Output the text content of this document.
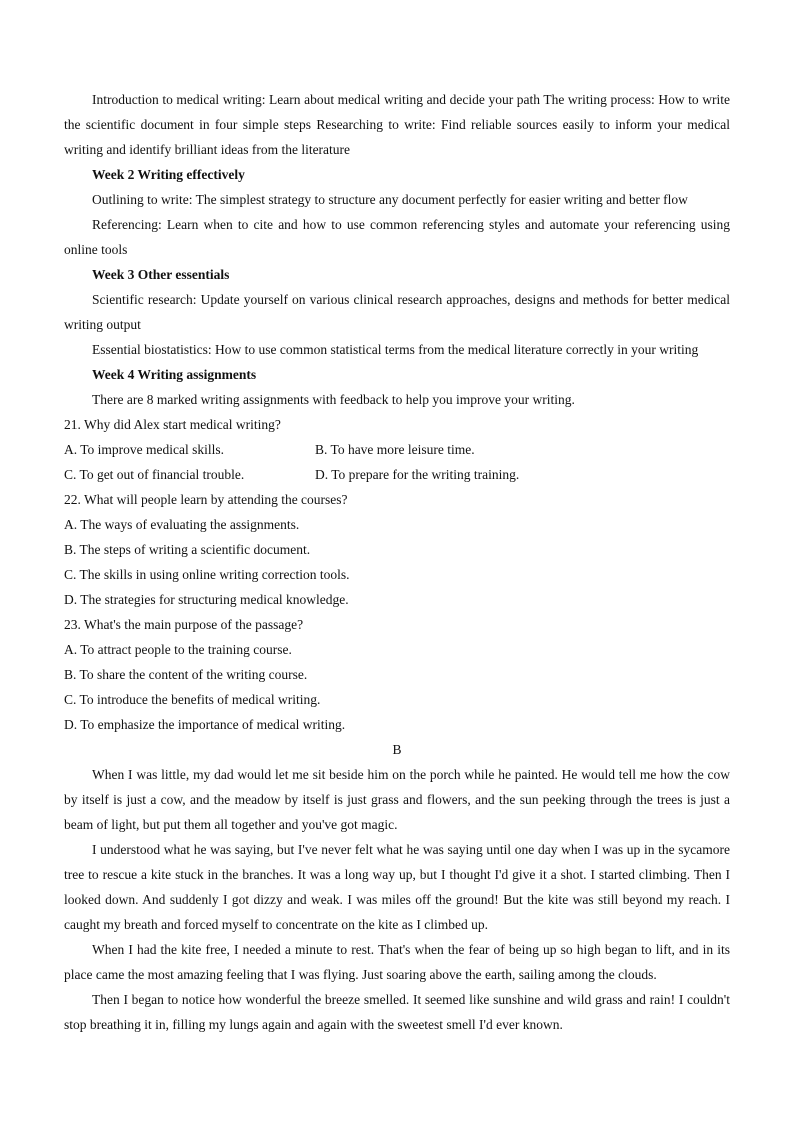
Introduction to medical writing: Learn about medical writing and decide your path The writing process: How to write the scientific document in four simple steps Researching to write: Find reliable sources easily to inform your medical writing and identify brilliant ideas from the literature

Week 2 Writing effectively

Outlining to write: The simplest strategy to structure any document perfectly for easier writing and better flow

Referencing: Learn when to cite and how to use common referencing styles and automate your referencing using online tools

Week 3 Other essentials

Scientific research: Update yourself on various clinical research approaches, designs and methods for better medical writing output

Essential biostatistics: How to use common statistical terms from the medical literature correctly in your writing

Week 4 Writing assignments

There are 8 marked writing assignments with feedback to help you improve your writing.

21. Why did Alex start medical writing?

A. To improve medical skills.	B. To have more leisure time.

C. To get out of financial trouble.	D. To prepare for the writing training.

22. What will people learn by attending the courses?

A. The ways of evaluating the assignments.

B. The steps of writing a scientific document.

C. The skills in using online writing correction tools.

D. The strategies for structuring medical knowledge.

23. What's the main purpose of the passage?

A. To attract people to the training course.

B. To share the content of the writing course.

C. To introduce the benefits of medical writing.

D. To emphasize the importance of medical writing.

B

When I was little, my dad would let me sit beside him on the porch while he painted. He would tell me how the cow by itself is just a cow, and the meadow by itself is just grass and flowers, and the sun peeking through the trees is just a beam of light, but put them all together and you've got magic.

I understood what he was saying, but I've never felt what he was saying until one day when I was up in the sycamore tree to rescue a kite stuck in the branches. It was a long way up, but I thought I'd give it a shot. I started climbing. Then I looked down. And suddenly I got dizzy and weak. I was miles off the ground! But the kite was still beyond my reach. I caught my breath and forced myself to concentrate on the kite as I climbed up.

When I had the kite free, I needed a minute to rest. That's when the fear of being up so high began to lift, and in its place came the most amazing feeling that I was flying. Just soaring above the earth, sailing among the clouds.

Then I began to notice how wonderful the breeze smelled. It seemed like sunshine and wild grass and rain! I couldn't stop breathing it in, filling my lungs again and again with the sweetest smell I'd ever known.
